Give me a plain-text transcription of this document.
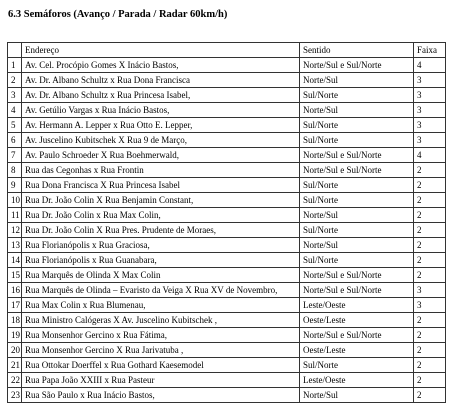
6.3 Semáforos (Avanço / Parada / Radar 60km/h)
	Endereço	Sentido	Faixa
1	Av. Cel. Procópio Gomes X Inácio Bastos,	Norte/Sul e Sul/Norte	4
2	Av. Dr. Albano Schultz x Rua Dona Francisca	Norte/Sul	3
3	Av. Dr. Albano Schultz x Rua Princesa Isabel,	Sul/Norte	3
4	Av. Getúlio Vargas x Rua Inácio Bastos,	Norte/Sul	3
5	Av. Hermann A. Lepper x Rua Otto E. Lepper,	Sul/Norte	3
6	Av. Juscelino Kubitschek X Rua 9 de Março,	Sul/Norte	3
7	Av. Paulo Schroeder X Rua Boehmerwald,	Norte/Sul e Sul/Norte	4
8	Rua das Cegonhas x Rua Frontin	Norte/Sul e Sul/Norte	2
9	Rua Dona Francisca X Rua Princesa Isabel	Sul/Norte	2
10	Rua Dr. João Colin X Rua Benjamin Constant,	Sul/Norte	2
11	Rua Dr. João Colin x Rua Max Colin,	Norte/Sul	2
12	Rua Dr. João Colin X Rua Pres. Prudente de Moraes,	Sul/Norte	2
13	Rua Florianópolis x Rua Graciosa,	Norte/Sul	2
14	Rua Florianópolis x Rua Guanabara,	Sul/Norte	2
15	Rua Marquês de Olinda X Max Colin	Norte/Sul e Sul/Norte	2
16	Rua Marquês de Olinda – Evaristo da Veiga X Rua XV de Novembro,	Norte/Sul e Sul/Norte	3
17	Rua Max Colin x Rua Blumenau,	Leste/Oeste	3
18	Rua Ministro Calógeras X Av. Juscelino Kubitschek ,	Oeste/Leste	2
19	Rua Monsenhor Gercino x Rua Fátima,	Norte/Sul e Sul/Norte	2
20	Rua Monsenhor Gercino X Rua Jarivatuba ,	Oeste/Leste	2
21	Rua Ottokar Doerffel x Rua Gothard Kaesemodel	Sul/Norte	2
22	Rua Papa João XXIII x Rua Pasteur	Leste/Oeste	2
23	Rua São Paulo x Rua Inácio Bastos,	Norte/Sul	2
